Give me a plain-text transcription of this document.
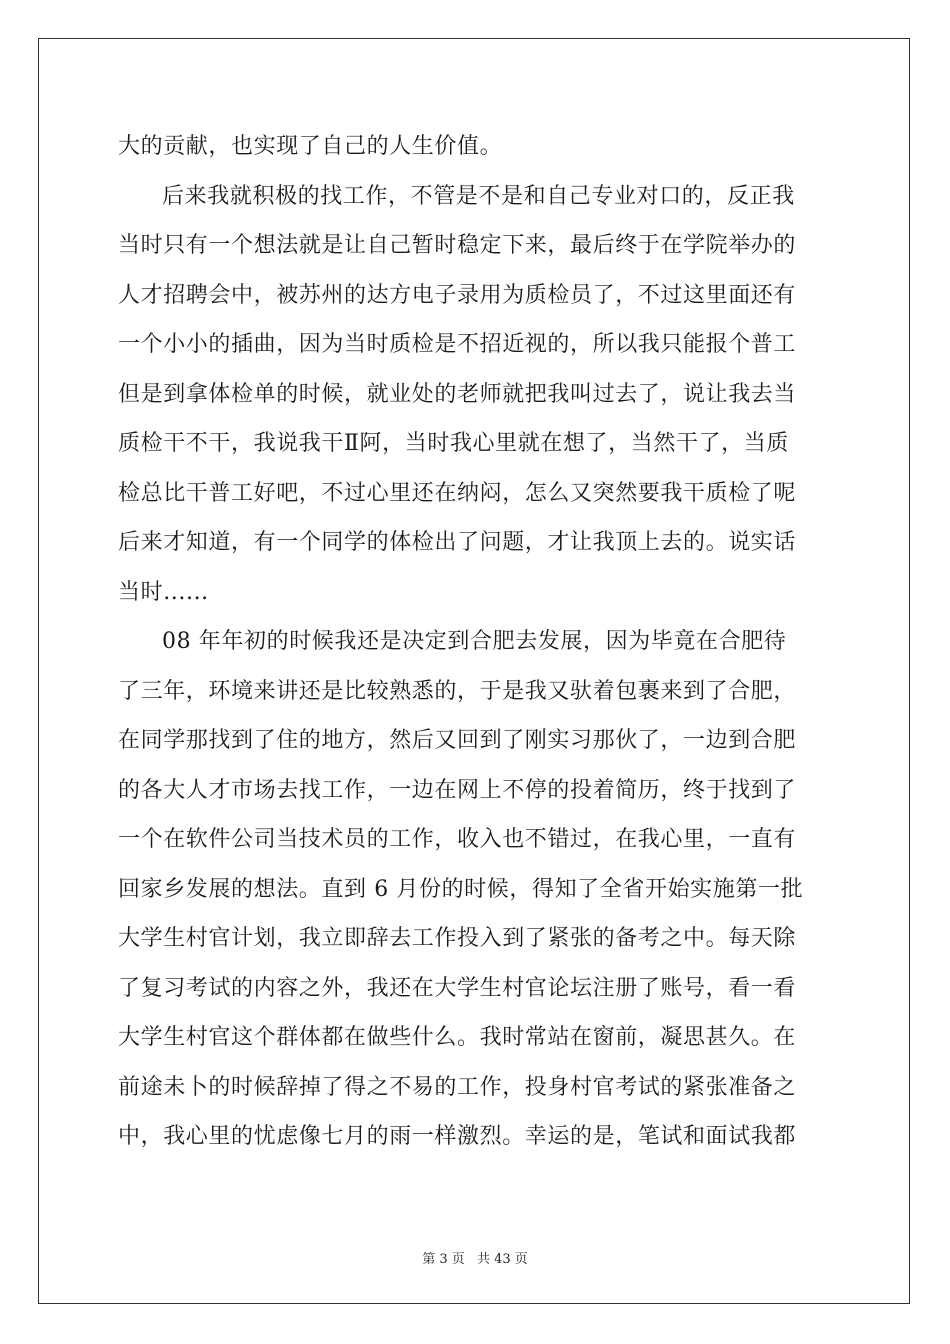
大的贡献，也实现了自己的人生价值。
后来我就积极的找工作，不管是不是和自己专业对口的，反正我
当时只有一个想法就是让自己暂时稳定下来，最后终于在学院举办的
人才招聘会中，被苏州的达方电子录用为质检员了，不过这里面还有
一个小小的插曲，因为当时质检是不招近视的，所以我只能报个普工
但是到拿体检单的时候，就业处的老师就把我叫过去了，说让我去当
质检干不干，我说我干Ⅱ阿，当时我心里就在想了，当然干了，当质
检总比干普工好吧，不过心里还在纳闷，怎么又突然要我干质检了呢
后来才知道，有一个同学的体检出了问题，才让我顶上去的。说实话
当时......
08 年年初的时候我还是决定到合肥去发展，因为毕竟在合肥待
了三年，环境来讲还是比较熟悉的，于是我又驮着包裹来到了合肥，
在同学那找到了住的地方，然后又回到了刚实习那伙了，一边到合肥
的各大人才市场去找工作，一边在网上不停的投着简历，终于找到了
一个在软件公司当技术员的工作，收入也不错过，在我心里，一直有
回家乡发展的想法。直到 6 月份的时候，得知了全省开始实施第一批
大学生村官计划，我立即辞去工作投入到了紧张的备考之中。每天除
了复习考试的内容之外，我还在大学生村官论坛注册了账号，看一看
大学生村官这个群体都在做些什么。我时常站在窗前，凝思甚久。在
前途未卜的时候辞掉了得之不易的工作，投身村官考试的紧张准备之
中，我心里的忧虑像七月的雨一样激烈。幸运的是，笔试和面试我都
第 3 页 共 43 页
